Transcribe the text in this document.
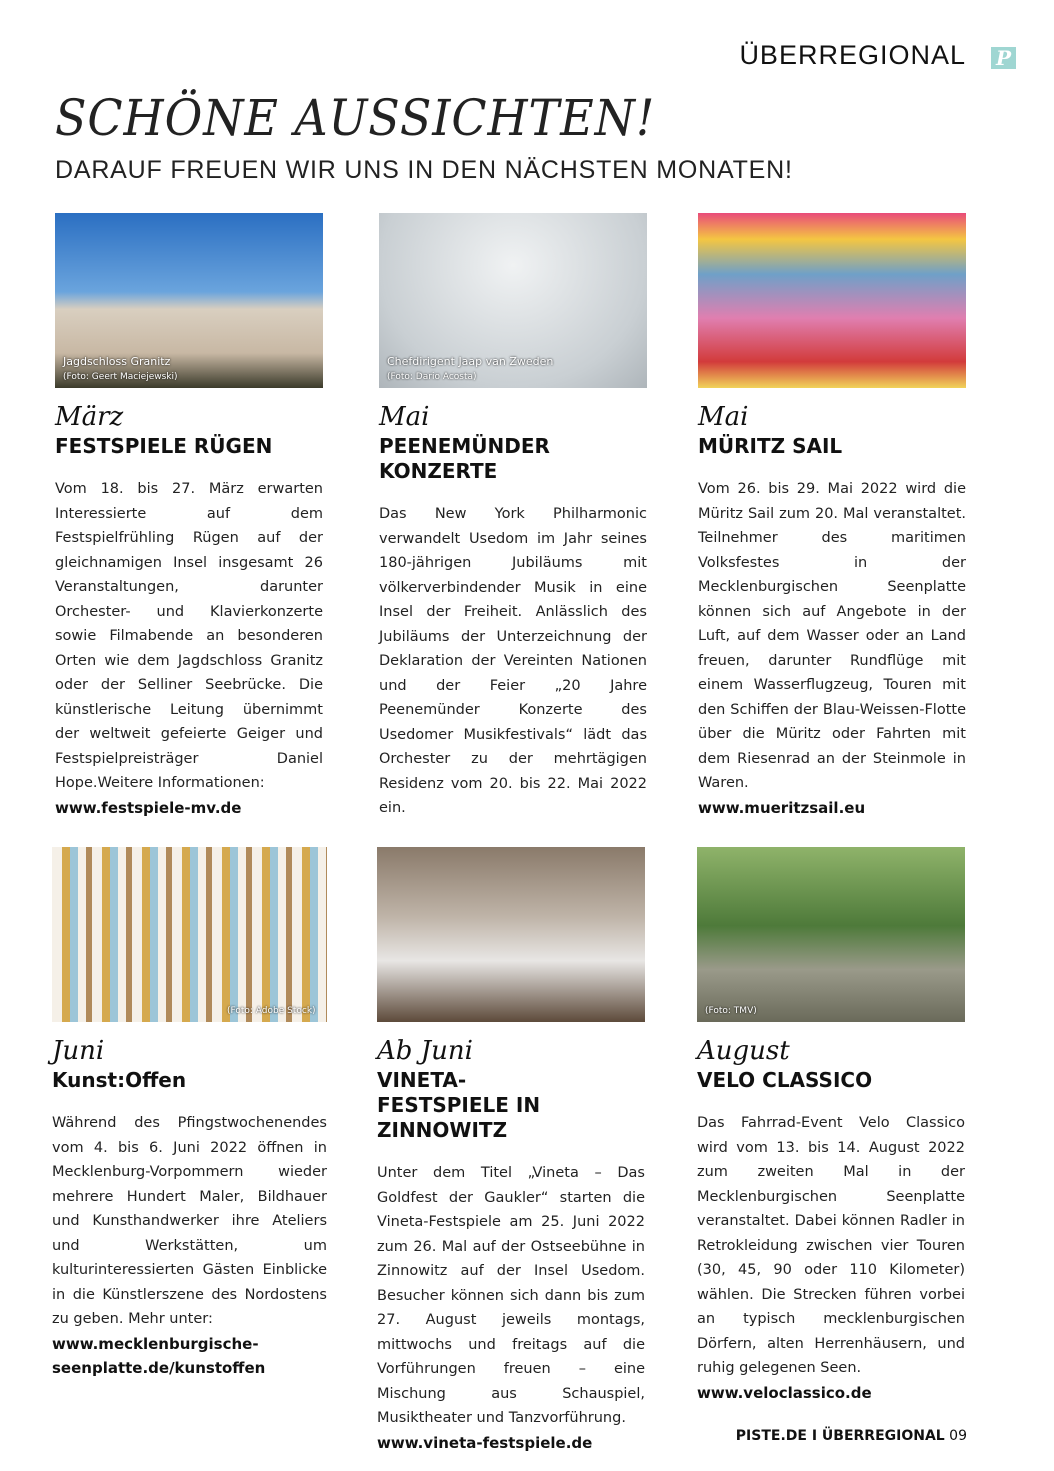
ÜBERREGIONAL P
SCHÖNE AUSSICHTEN!
DARAUF FREUEN WIR UNS IN DEN NÄCHSTEN MONATEN!
Jagdschloss Granitz
(Foto: Geert Maciejewski)
März
FESTSPIELE RÜGEN
Vom 18. bis 27. März erwarten Interessierte auf dem Festspielfrühling Rügen auf der gleichnamigen Insel insgesamt 26 Veranstaltungen, darunter Orchester- und Klavierkonzerte sowie Filmabende an besonderen Orten wie dem Jagdschloss Granitz oder der Selliner Seebrücke. Die künstlerische Leitung übernimmt der weltweit gefeierte Geiger und Festspielpreisträger Daniel Hope.Weitere Informationen:
www.festspiele-mv.de
Chefdirigent Jaap van Zweden
(Foto: Dario Acosta)
Mai
PEENEMÜNDER KONZERTE
Das New York Philharmonic verwandelt Usedom im Jahr seines 180-jährigen Jubiläums mit völkerverbindender Musik in eine Insel der Freiheit. Anlässlich des Jubiläums der Unterzeichnung der Deklaration der Vereinten Nationen und der Feier „20 Jahre Peenemünder Konzerte des Usedomer Musikfestivals“ lädt das Orchester zu der mehrtägigen Residenz vom 20. bis 22. Mai 2022 ein.
Mai
MÜRITZ SAIL
Vom 26. bis 29. Mai 2022 wird die Müritz Sail zum 20. Mal veranstaltet. Teilnehmer des maritimen Volksfestes in der Mecklenburgischen Seenplatte können sich auf Angebote in der Luft, auf dem Wasser oder an Land freuen, darunter Rundflüge mit einem Wasserflugzeug, Touren mit den Schiffen der Blau-Weissen-Flotte über die Müritz oder Fahrten mit dem Riesenrad an der Steinmole in Waren.
www.mueritzsail.eu
(Foto: Adobe Stock)
Juni
Kunst:Offen
Während des Pfingstwochenendes vom 4. bis 6. Juni 2022 öffnen in Mecklenburg-Vorpommern wieder mehrere Hundert Maler, Bildhauer und Kunsthandwerker ihre Ateliers und Werkstätten, um kulturinteressierten Gästen Einblicke in die Künstlerszene des Nordostens zu geben. Mehr unter:
www.mecklenburgische-seenplatte.de/kunstoffen
Ab Juni
VINETA-FESTSPIELE IN ZINNOWITZ
Unter dem Titel „Vineta – Das Goldfest der Gaukler“ starten die Vineta-Festspiele am 25. Juni 2022 zum 26. Mal auf der Ostseebühne in Zinnowitz auf der Insel Usedom. Besucher können sich dann bis zum 27. August jeweils montags, mittwochs und freitags auf die Vorführungen freuen – eine Mischung aus Schauspiel, Musiktheater und Tanzvorführung.
www.vineta-festspiele.de
(Foto: TMV)
August
VELO CLASSICO
Das Fahrrad-Event Velo Classico wird vom 13. bis 14. August 2022 zum zweiten Mal in der Mecklenburgischen Seenplatte veranstaltet. Dabei können Radler in Retrokleidung zwischen vier Touren (30, 45, 90 oder 110 Kilometer) wählen. Die Strecken führen vorbei an typisch mecklenburgischen Dörfern, alten Herrenhäusern, und ruhig gelegenen Seen.
www.veloclassico.de
PISTE.DE I ÜBERREGIONAL 09
